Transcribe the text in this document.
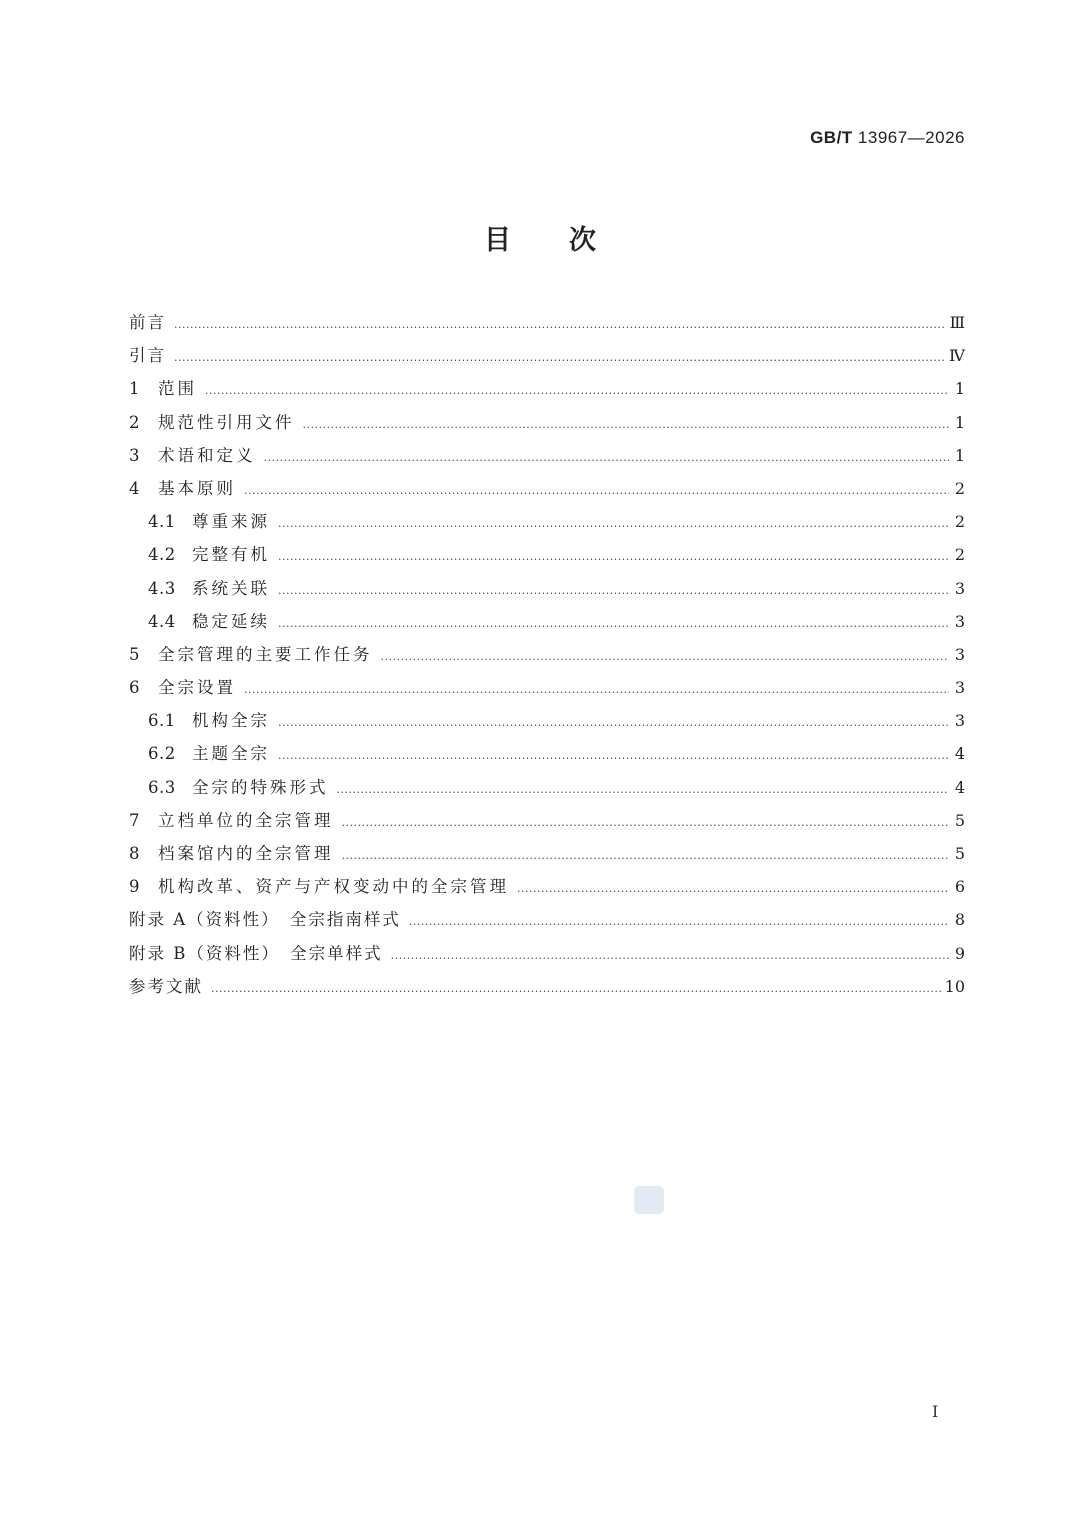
GB/T 13967—2026
目 次
前言 .....	Ⅲ
引言 .....	Ⅳ
1	范围 .....	1
2	规范性引用文件 .....	1
3	术语和定义 .....	1
4	基本原则 .....	2
4.1 尊重来源 .....	2
4.2 完整有机 .....	2
4.3 系统关联 .....	3
4.4 稳定延续 .....	3
5	全宗管理的主要工作任务 .....	3
6	全宗设置 .....	3
6.1 机构全宗 .....	3
6.2 主题全宗 .....	4
6.3 全宗的特殊形式 .....	4
7	立档单位的全宗管理 .....	5
8	档案馆内的全宗管理 .....	5
9	机构改革、资产与产权变动中的全宗管理 .....	6
附录 A（资料性）　全宗指南样式 .....	8
附录 B（资料性）　全宗单样式 .....	9
参考文献 .....	10
I
